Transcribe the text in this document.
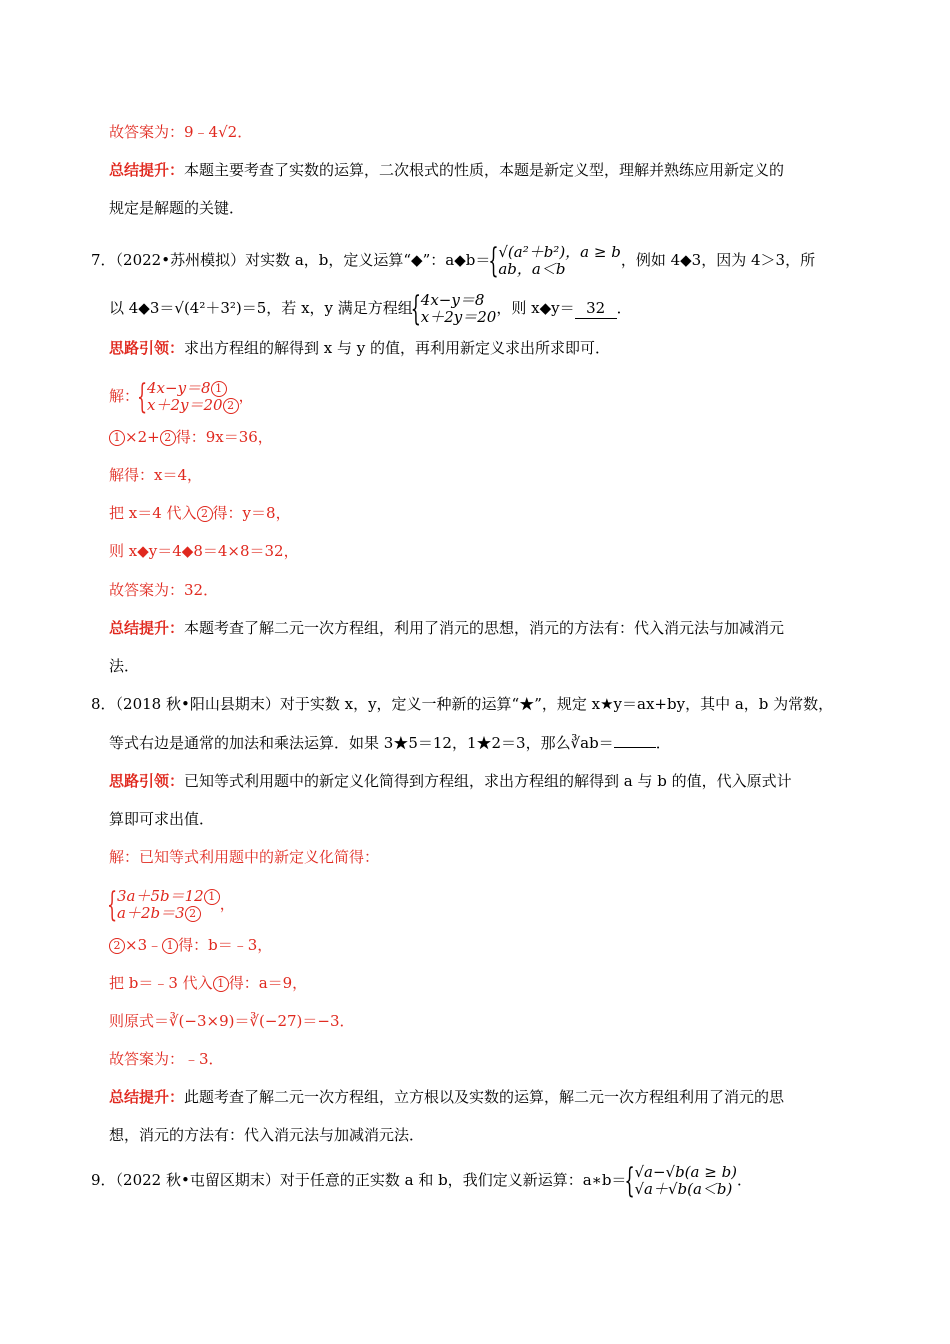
故答案为：9﹣4√2．
总结提升：本题主要考查了实数的运算，二次根式的性质，本题是新定义型，理解并熟练应用新定义的
规定是解题的关键．
7．（2022•苏州模拟）对实数 a，b，定义运算“◆”：a◆b＝ { √(a²＋b²)，a ≥ b
ab，a＜b	，例如 4◆3，因为 4＞3，所
以 4◆3＝√(4²＋3²)＝5，若 x，y 满足方程组 { 4x−y＝8
x＋2y＝20 ，则 x◆y＝ 32 ．
思路引领：求出方程组的解得到 x 与 y 的值，再利用新定义求出所求即可．
解： { 4x−y＝8 1
x＋2y＝20 2
，
1 ×2+ 2 得：9x＝36，
解得：x＝4，
把 x＝4 代入 2 得：y＝8，
则 x◆y＝4◆8＝4×8＝32，
故答案为：32．
总结提升：本题考查了解二元一次方程组，利用了消元的思想，消元的方法有：代入消元法与加减消元
法．
8．（2018 秋•阳山县期末）对于实数 x，y，定义一种新的运算“★”，规定 x★y＝ax+by，其中 a，b 为常数，
等式右边是通常的加法和乘法运算．如果 3★5＝12，1★2＝3，那么∛ab＝	．
思路引领：已知等式利用题中的新定义化简得到方程组，求出方程组的解得到 a 与 b 的值，代入原式计
算即可求出值．
解：已知等式利用题中的新定义化简得：
{ 3a＋5b＝12 1
a＋2b＝3 2
，
2 ×3﹣ 1 得：b＝﹣3，
把 b＝﹣3 代入 1 得：a＝9，
则原式＝∛(−3×9)＝∛(−27)＝−3．
故答案为：﹣3．
总结提升：此题考查了解二元一次方程组，立方根以及实数的运算，解二元一次方程组利用了消元的思
想，消元的方法有：代入消元法与加减消元法．
9．（2022 秋•屯留区期末）对于任意的正实数 a 和 b，我们定义新运算：a∗b＝ { √a−√b(a ≥ b)
√a＋√b(a＜b) ．
